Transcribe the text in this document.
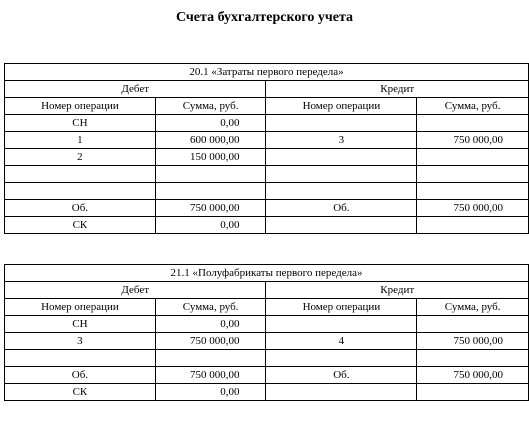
Счета бухгалтерского учета
20.1 «Затраты первого передела»			
Дебет		Кредит	
Номер операции	Сумма, руб.	Номер операции	Сумма, руб.
СН	0,00		
1	600 000,00	3	750 000,00
2	150 000,00		

Об.	750 000,00	Об.	750 000,00
СК	0,00		
21.1 «Полуфабрикаты первого передела»			
Дебет		Кредит	
Номер операции	Сумма, руб.	Номер операции	Сумма, руб.
СН	0,00		
3	750 000,00	4	750 000,00

Об.	750 000,00	Об.	750 000,00
СК	0,00		
